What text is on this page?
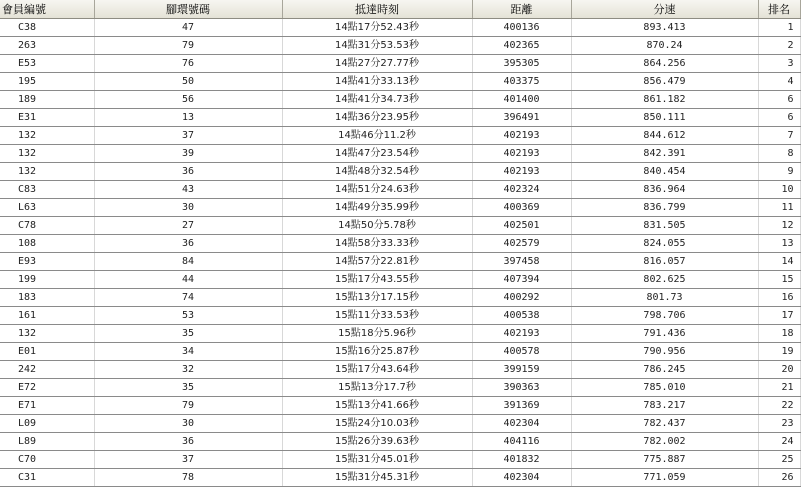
會員編號	腳環號碼	抵達時刻	距離	分速	排名
C38	47	14點17分52.43秒	400136	893.413	1
263	79	14點31分53.53秒	402365	870.24	2
E53	76	14點27分27.77秒	395305	864.256	3
195	50	14點41分33.13秒	403375	856.479	4
189	56	14點41分34.73秒	401400	861.182	6
E31	13	14點36分23.95秒	396491	850.111	6
132	37	14點46分11.2秒	402193	844.612	7
132	39	14點47分23.54秒	402193	842.391	8
132	36	14點48分32.54秒	402193	840.454	9
C83	43	14點51分24.63秒	402324	836.964	10
L63	30	14點49分35.99秒	400369	836.799	11
C78	27	14點50分5.78秒	402501	831.505	12
108	36	14點58分33.33秒	402579	824.055	13
E93	84	14點57分22.81秒	397458	816.057	14
199	44	15點17分43.55秒	407394	802.625	15
183	74	15點13分17.15秒	400292	801.73	16
161	53	15點11分33.53秒	400538	798.706	17
132	35	15點18分5.96秒	402193	791.436	18
E01	34	15點16分25.87秒	400578	790.956	19
242	32	15點17分43.64秒	399159	786.245	20
E72	35	15點13分17.7秒	390363	785.010	21
E71	79	15點13分41.66秒	391369	783.217	22
L09	30	15點24分10.03秒	402304	782.437	23
L89	36	15點26分39.63秒	404116	782.002	24
C70	37	15點31分45.01秒	401832	775.887	25
C31	78	15點31分45.31秒	402304	771.059	26
